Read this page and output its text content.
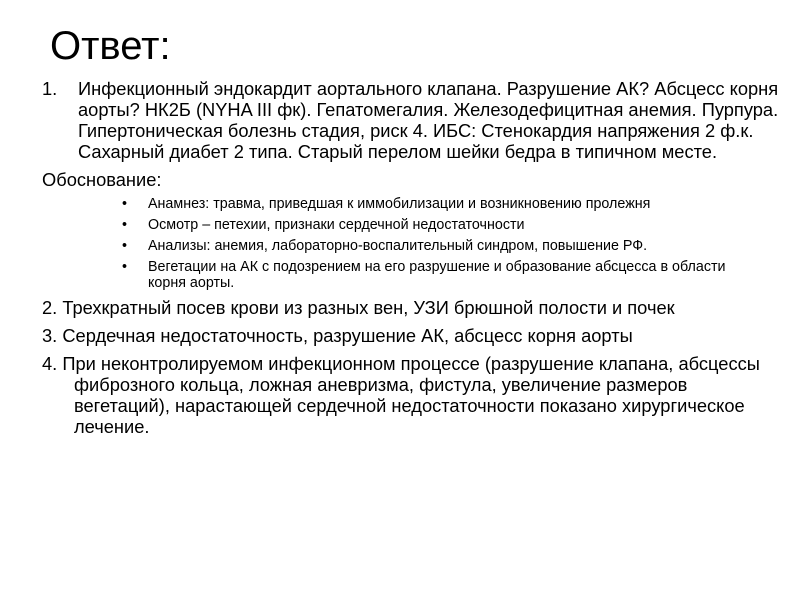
Ответ:
1.	Инфекционный эндокардит аортального клапана. Разрушение АК? Абсцесс корня аорты? НК2Б (NYHA III фк). Гепатомегалия. Железодефицитная анемия. Пурпура. Гипертоническая болезнь стадия, риск 4. ИБС: Стенокардия напряжения 2 ф.к. Сахарный диабет 2 типа. Старый перелом шейки бедра в типичном месте.
Обоснование:
•	Анамнез: травма, приведшая к иммобилизации и возникновению пролежня
•	Осмотр – петехии, признаки сердечной недостаточности
•	Анализы: анемия, лабораторно-воспалительный синдром, повышение РФ.
•	Вегетации на АК с подозрением на его разрушение и образование абсцесса в области корня аорты.
2. Трехкратный посев крови из разных вен, УЗИ брюшной полости и почек
3. Сердечная недостаточность, разрушение АК, абсцесс корня аорты
4. При неконтролируемом инфекционном процессе (разрушение клапана, абсцессы фиброзного кольца, ложная аневризма, фистула, увеличение размеров вегетаций), нарастающей сердечной недостаточности показано хирургическое лечение.
